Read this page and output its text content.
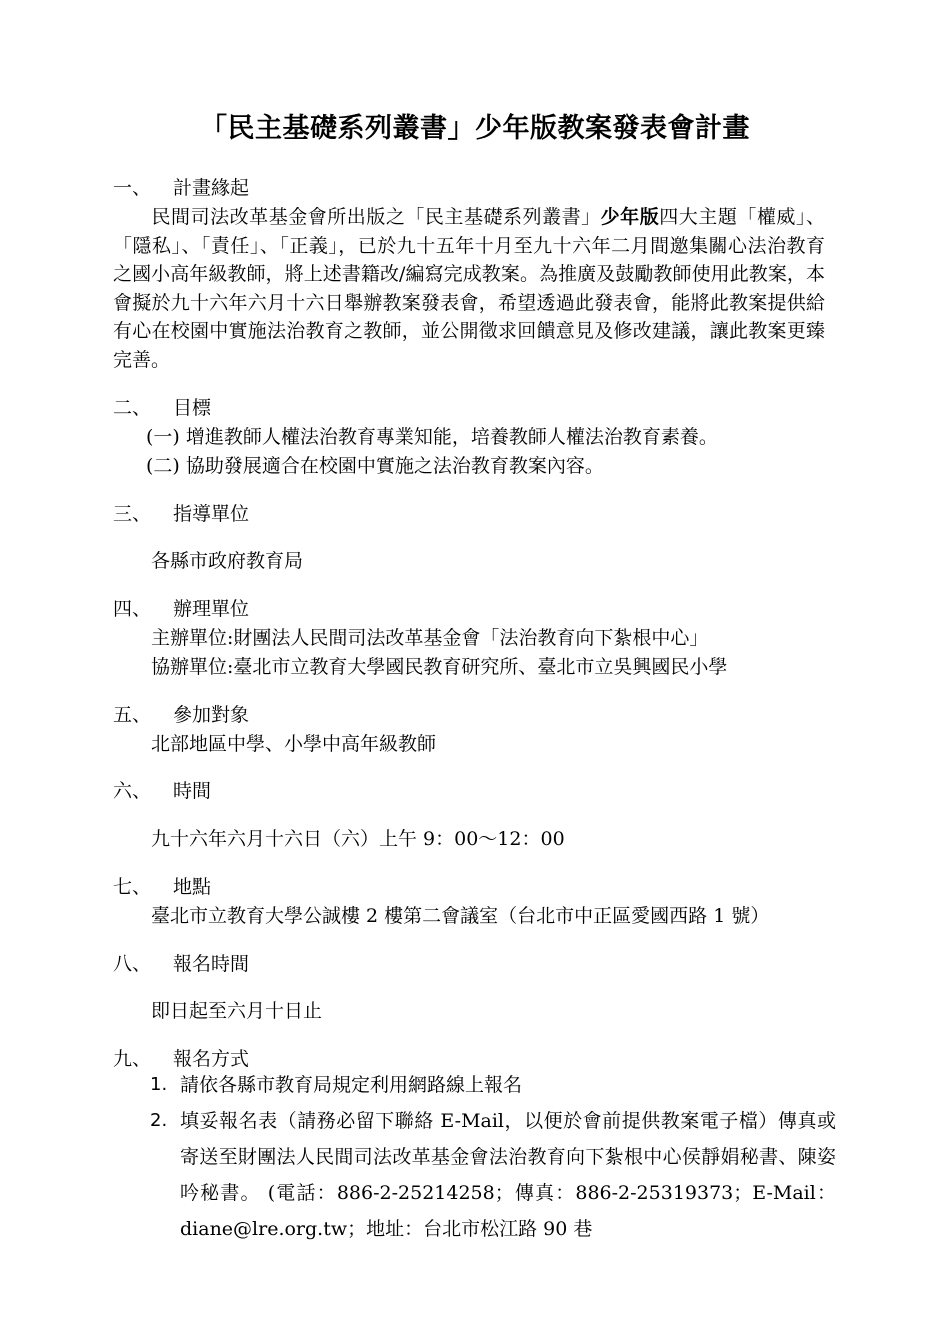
「民主基礎系列叢書」少年版教案發表會計畫
一、 計畫緣起
民間司法改革基金會所出版之「民主基礎系列叢書」少年版四大主題「權威」、「隱私」、「責任」、「正義」，已於九十五年十月至九十六年二月間邀集關心法治教育之國小高年級教師，將上述書籍改/編寫完成教案。為推廣及鼓勵教師使用此教案，本會擬於九十六年六月十六日舉辦教案發表會，希望透過此發表會，能將此教案提供給有心在校園中實施法治教育之教師，並公開徵求回饋意見及修改建議，讓此教案更臻完善。
二、 目標
(一) 增進教師人權法治教育專業知能，培養教師人權法治教育素養。
(二) 協助發展適合在校園中實施之法治教育教案內容。
三、 指導單位
各縣市政府教育局
四、 辦理單位
主辦單位:財團法人民間司法改革基金會「法治教育向下紮根中心」
協辦單位:臺北市立教育大學國民教育研究所、臺北市立吳興國民小學
五、 參加對象
北部地區中學、小學中高年級教師
六、 時間
九十六年六月十六日（六）上午 9：00～12：00
七、 地點
臺北市立教育大學公誠樓 2 樓第二會議室（台北市中正區愛國西路 1 號）
八、 報名時間
即日起至六月十日止
九、 報名方式
1. 請依各縣市教育局規定利用網路線上報名
2. 填妥報名表（請務必留下聯絡 E-Mail，以便於會前提供教案電子檔）傳真或寄送至財團法人民間司法改革基金會法治教育向下紮根中心侯靜娟秘書、陳姿吟秘書。 (電話：886-2-25214258；傳真：886-2-25319373；E-Mail：diane@lre.org.tw；地址：台北市松江路 90 巷
